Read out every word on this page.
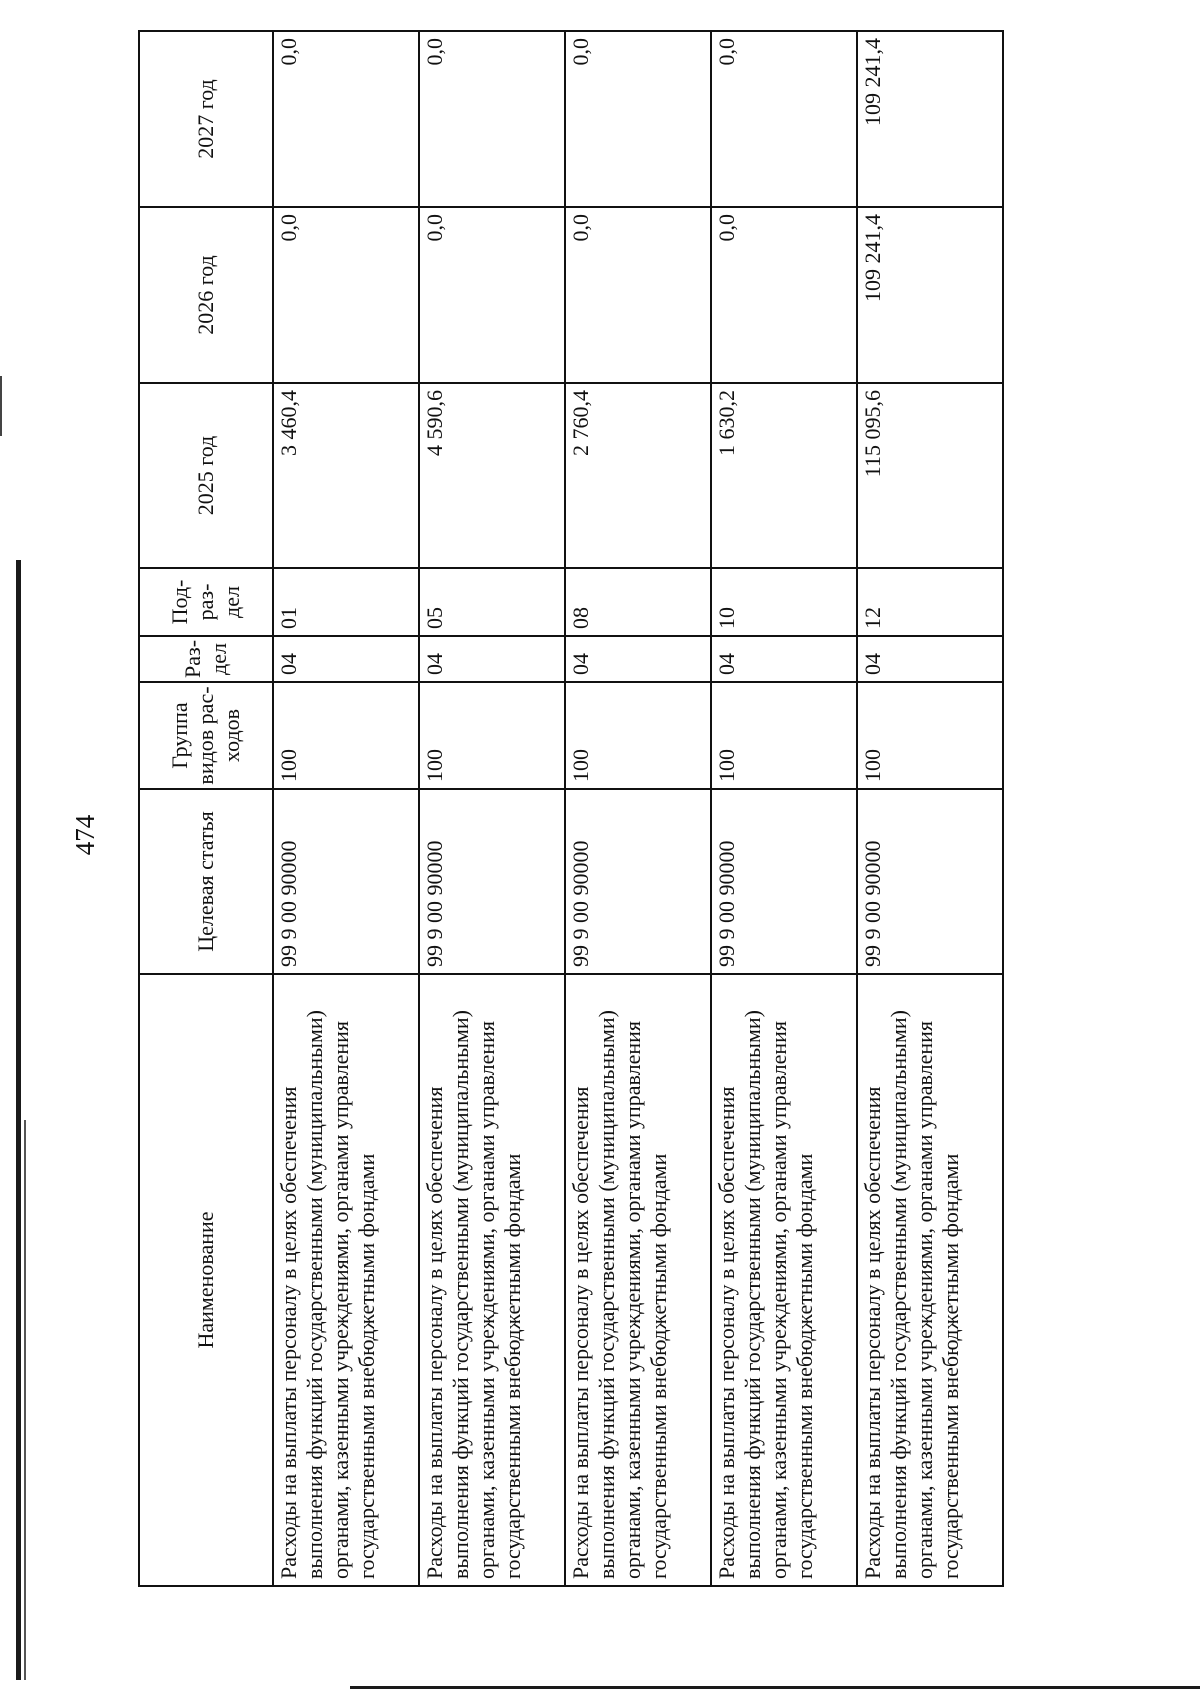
474
Наименование	Целевая статья	Группа видов рас-ходов	Раз-дел	Под-раз-дел	2025 год	2026 год	2027 год
Расходы на выплаты персоналу в целях обеспечения выполнения функций государственными (муниципальными) органами, казенными учреждениями, органами управления государственными внебюджетными фондами	99 9 00 90000	100	04	01	3 460,4	0,0	0,0
Расходы на выплаты персоналу в целях обеспечения выполнения функций государственными (муниципальными) органами, казенными учреждениями, органами управления государственными внебюджетными фондами	99 9 00 90000	100	04	05	4 590,6	0,0	0,0
Расходы на выплаты персоналу в целях обеспечения выполнения функций государственными (муниципальными) органами, казенными учреждениями, органами управления государственными внебюджетными фондами	99 9 00 90000	100	04	08	2 760,4	0,0	0,0
Расходы на выплаты персоналу в целях обеспечения выполнения функций государственными (муниципальными) органами, казенными учреждениями, органами управления государственными внебюджетными фондами	99 9 00 90000	100	04	10	1 630,2	0,0	0,0
Расходы на выплаты персоналу в целях обеспечения выполнения функций государственными (муниципальными) органами, казенными учреждениями, органами управления государственными внебюджетными фондами	99 9 00 90000	100	04	12	115 095,6	109 241,4	109 241,4
